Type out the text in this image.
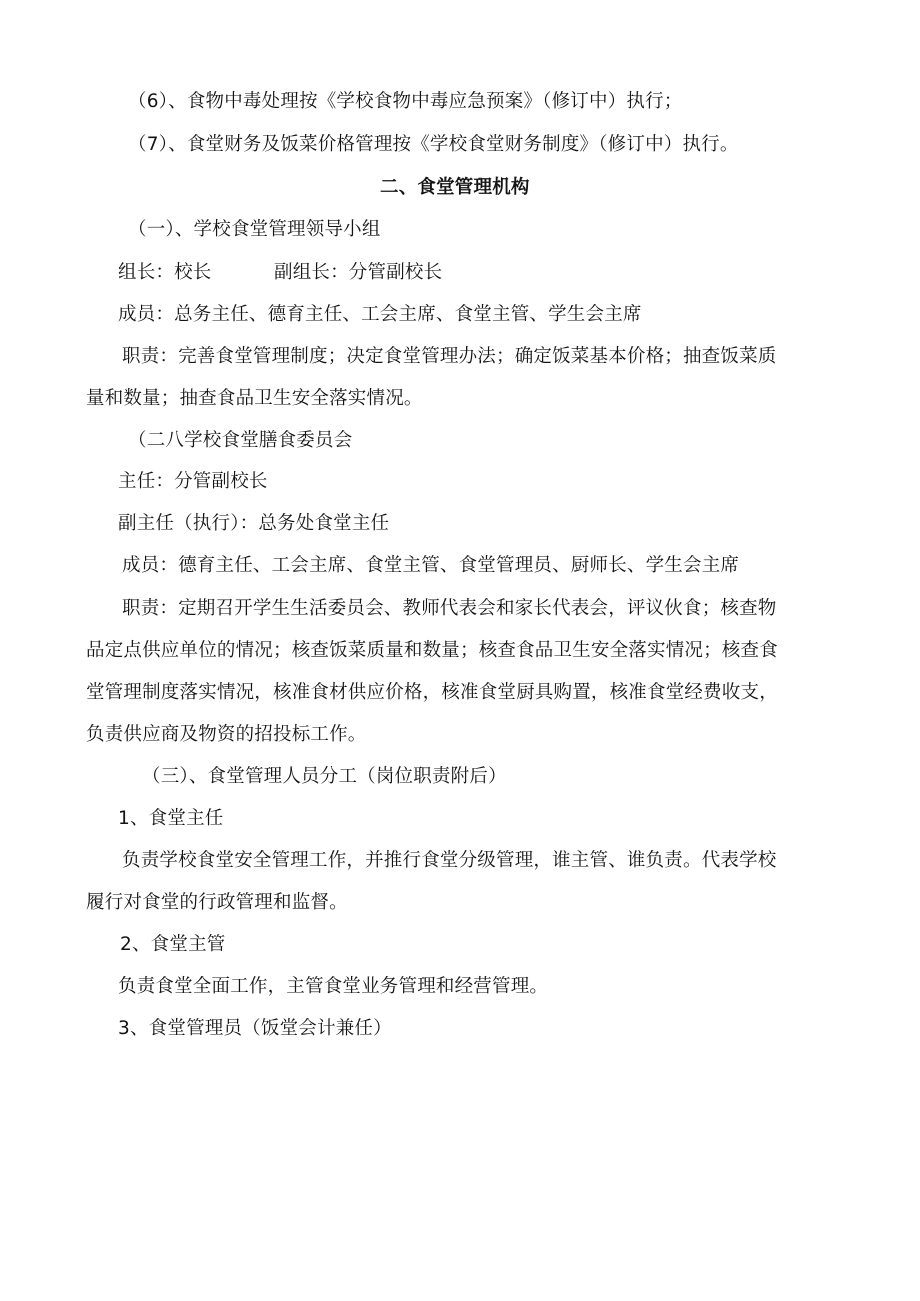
（6）、食物中毒处理按《学校食物中毒应急预案》（修订中）执行；
（7）、食堂财务及饭菜价格管理按《学校食堂财务制度》（修订中）执行。
二、食堂管理机构
（一）、学校食堂管理领导小组
组长：校长	副组长：分管副校长
成员：总务主任、德育主任、工会主席、食堂主管、学生会主席
职责：完善食堂管理制度；决定食堂管理办法；确定饭菜基本价格；抽查饭菜质
量和数量；抽查食品卫生安全落实情况。
（二八学校食堂膳食委员会
主任：分管副校长
副主任（执行）：总务处食堂主任
成员：德育主任、工会主席、食堂主管、食堂管理员、厨师长、学生会主席
职责：定期召开学生生活委员会、教师代表会和家长代表会，评议伙食；核查物
品定点供应单位的情况；核查饭菜质量和数量；核查食品卫生安全落实情况；核查食
堂管理制度落实情况，核准食材供应价格，核准食堂厨具购置，核准食堂经费收支，
负责供应商及物资的招投标工作。
（三）、食堂管理人员分工（岗位职责附后）
1、食堂主任
负责学校食堂安全管理工作，并推行食堂分级管理，谁主管、谁负责。代表学校
履行对食堂的行政管理和监督。
2、食堂主管
负责食堂全面工作，主管食堂业务管理和经营管理。
3、食堂管理员（饭堂会计兼任）
